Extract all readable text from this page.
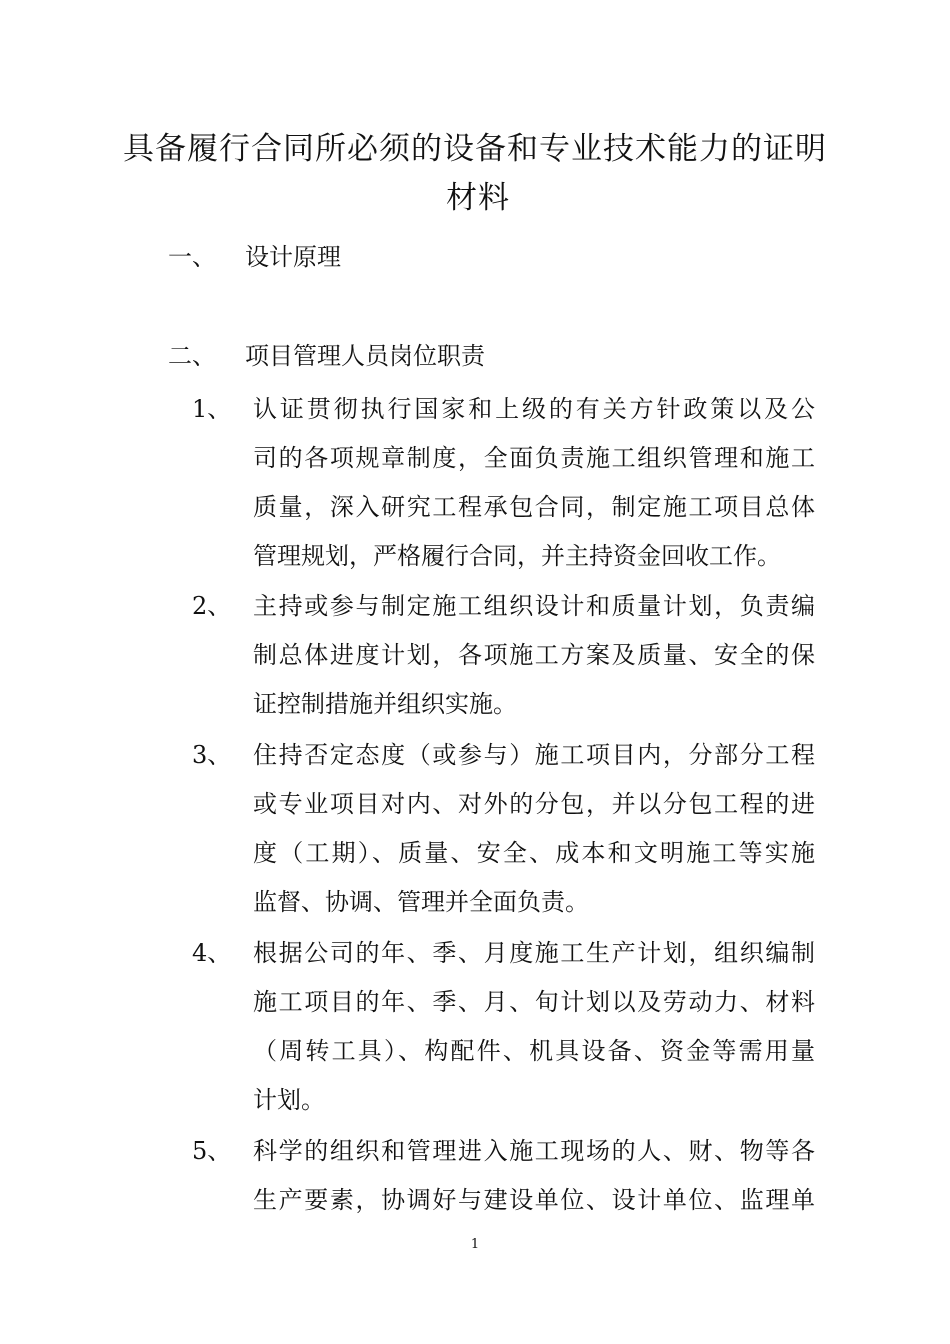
具备履行合同所必须的设备和专业技术能力的证明
材料
一、 设计原理
二、 项目管理人员岗位职责
1、 认证贯彻执行国家和上级的有关方针政策以及公
司的各项规章制度，全面负责施工组织管理和施工
质量，深入研究工程承包合同，制定施工项目总体
管理规划，严格履行合同，并主持资金回收工作。
2、 主持或参与制定施工组织设计和质量计划，负责编
制总体进度计划，各项施工方案及质量、安全的保
证控制措施并组织实施。
3、 住持否定态度（或参与）施工项目内，分部分工程
或专业项目对内、对外的分包，并以分包工程的进
度（工期）、质量、安全、成本和文明施工等实施
监督、协调、管理并全面负责。
4、 根据公司的年、季、月度施工生产计划，组织编制
施工项目的年、季、月、旬计划以及劳动力、材料
（周转工具）、构配件、机具设备、资金等需用量
计划。
5、 科学的组织和管理进入施工现场的人、财、物等各
生产要素，协调好与建设单位、设计单位、监理单
1
